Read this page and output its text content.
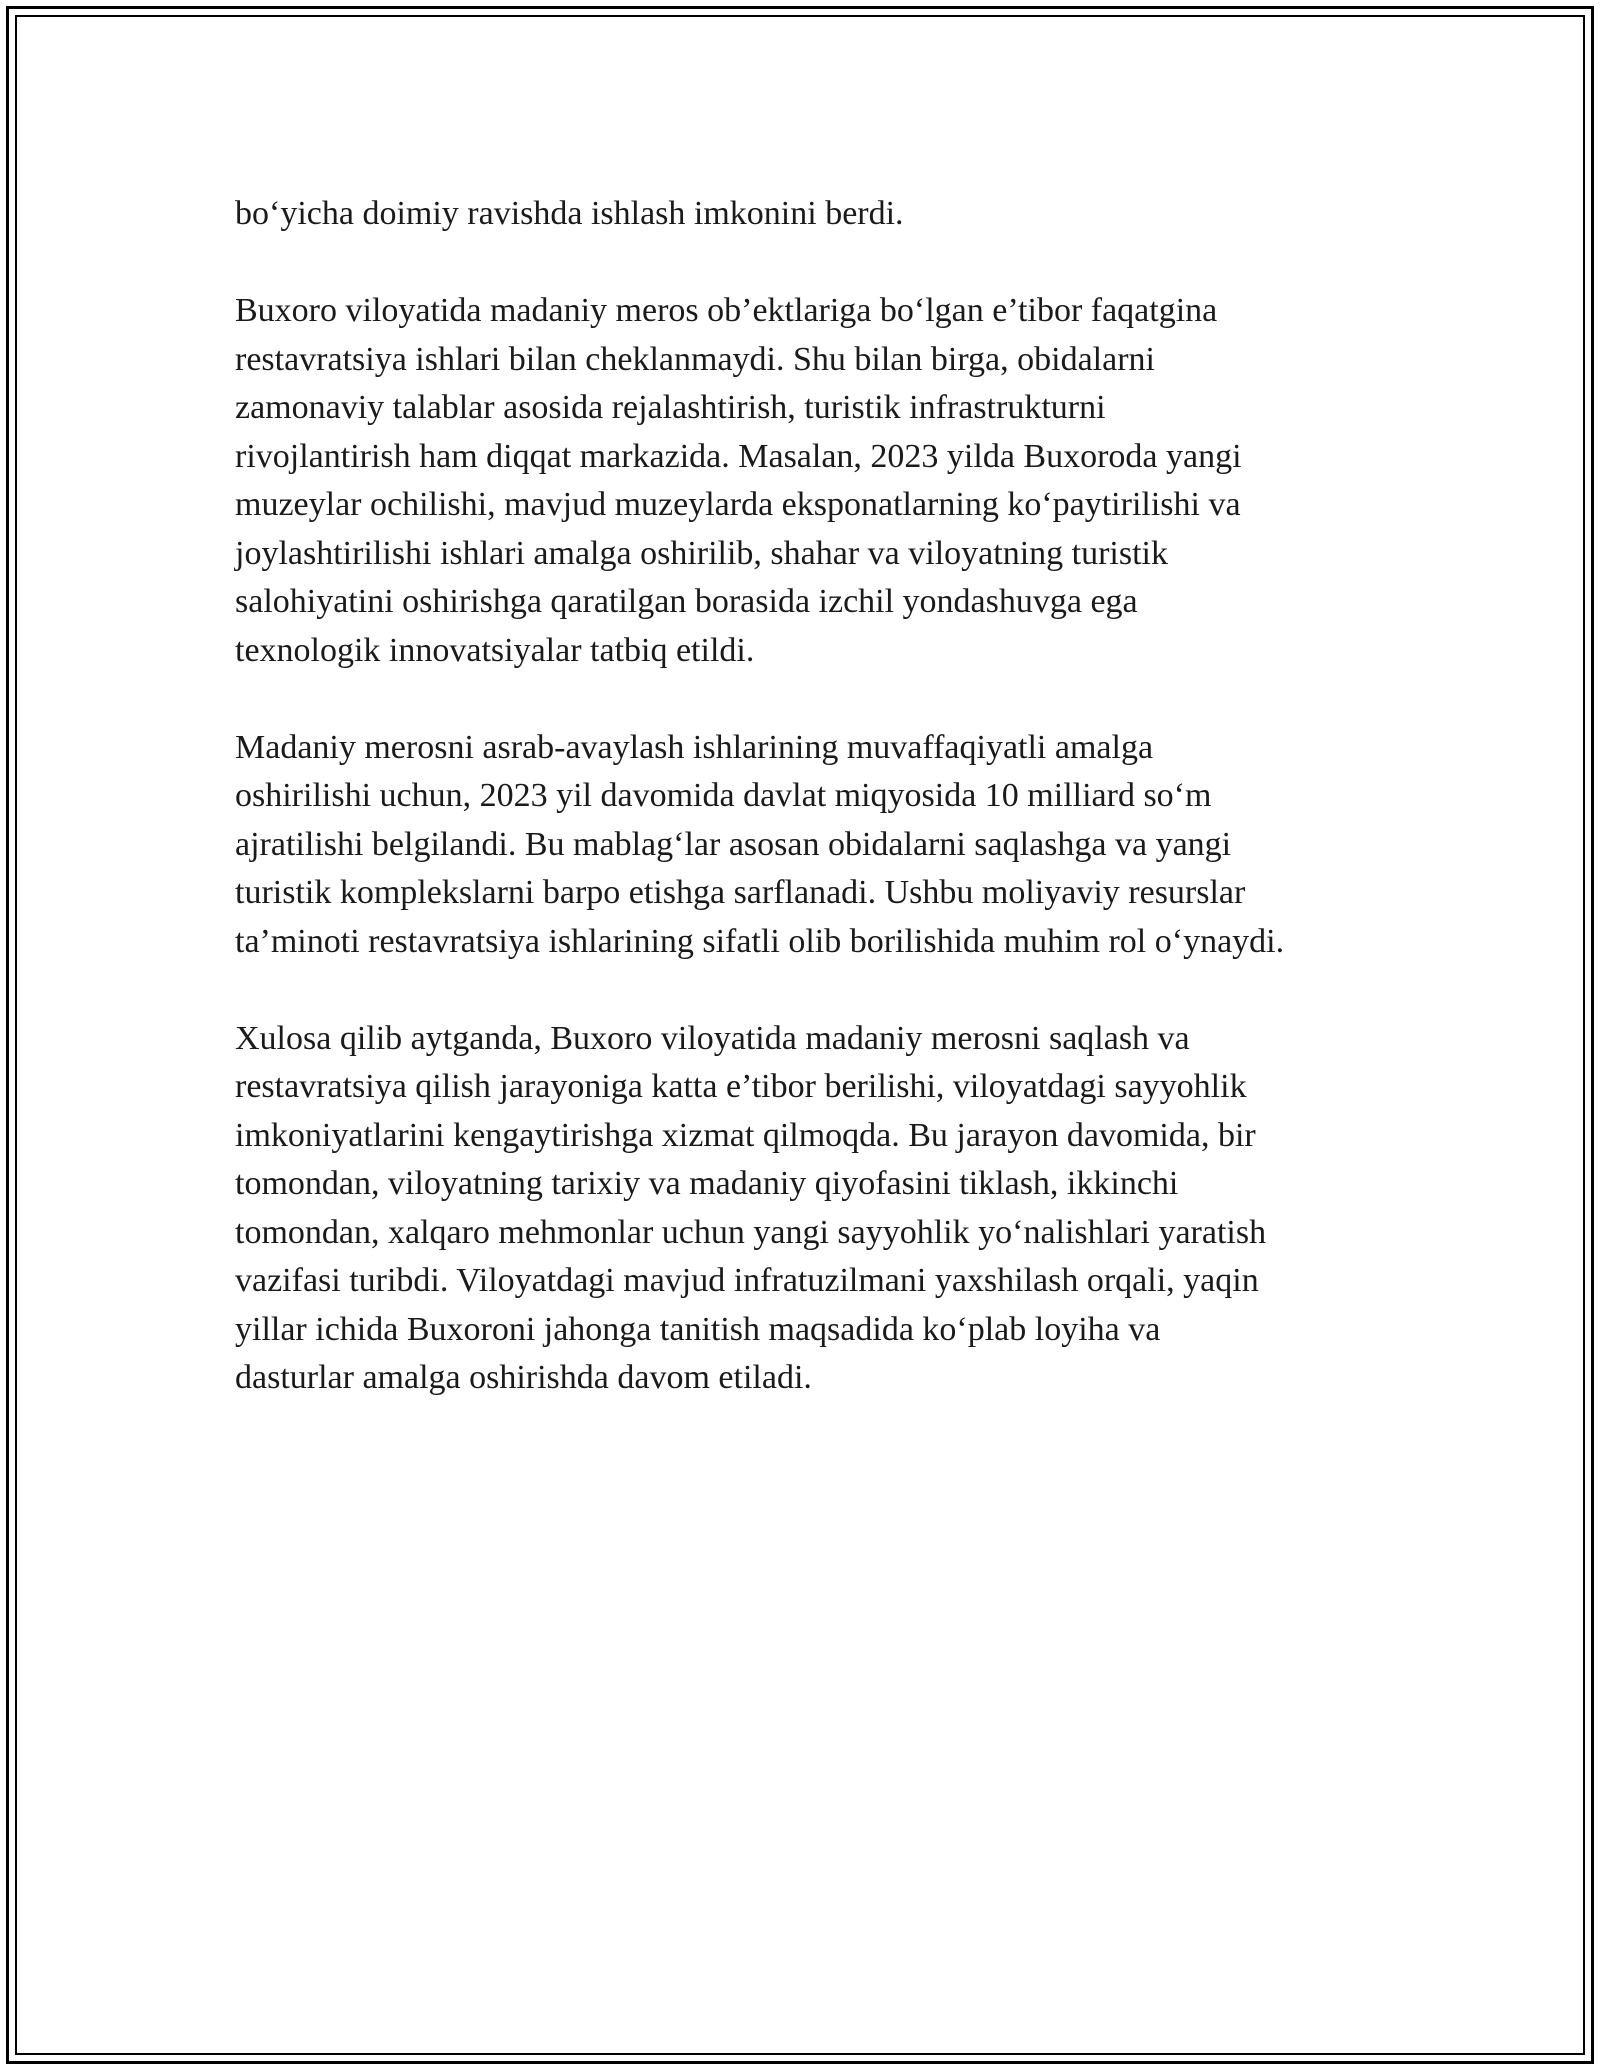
bo‘yicha doimiy ravishda ishlash imkonini berdi.

Buxoro viloyatida madaniy meros ob’ektlariga bo‘lgan e’tibor faqatgina
restavratsiya ishlari bilan cheklanmaydi. Shu bilan birga, obidalarni
zamonaviy talablar asosida rejalashtirish, turistik infrastrukturni
rivojlantirish ham diqqat markazida. Masalan, 2023 yilda Buxoroda yangi
muzeylar ochilishi, mavjud muzeylarda eksponatlarning ko‘paytirilishi va
joylashtirilishi ishlari amalga oshirilib, shahar va viloyatning turistik
salohiyatini oshirishga qaratilgan borasida izchil yondashuvga ega
texnologik innovatsiyalar tatbiq etildi.

Madaniy merosni asrab-avaylash ishlarining muvaffaqiyatli amalga
oshirilishi uchun, 2023 yil davomida davlat miqyosida 10 milliard so‘m
ajratilishi belgilandi. Bu mablag‘lar asosan obidalarni saqlashga va yangi
turistik komplekslarni barpo etishga sarflanadi. Ushbu moliyaviy resurslar
ta’minoti restavratsiya ishlarining sifatli olib borilishida muhim rol o‘ynaydi.

Xulosa qilib aytganda, Buxoro viloyatida madaniy merosni saqlash va
restavratsiya qilish jarayoniga katta e’tibor berilishi, viloyatdagi sayyohlik
imkoniyatlarini kengaytirishga xizmat qilmoqda. Bu jarayon davomida, bir
tomondan, viloyatning tarixiy va madaniy qiyofasini tiklash, ikkinchi
tomondan, xalqaro mehmonlar uchun yangi sayyohlik yo‘nalishlari yaratish
vazifasi turibdi. Viloyatdagi mavjud infratuzilmani yaxshilash orqali, yaqin
yillar ichida Buxoroni jahonga tanitish maqsadida ko‘plab loyiha va
dasturlar amalga oshirishda davom etiladi.
